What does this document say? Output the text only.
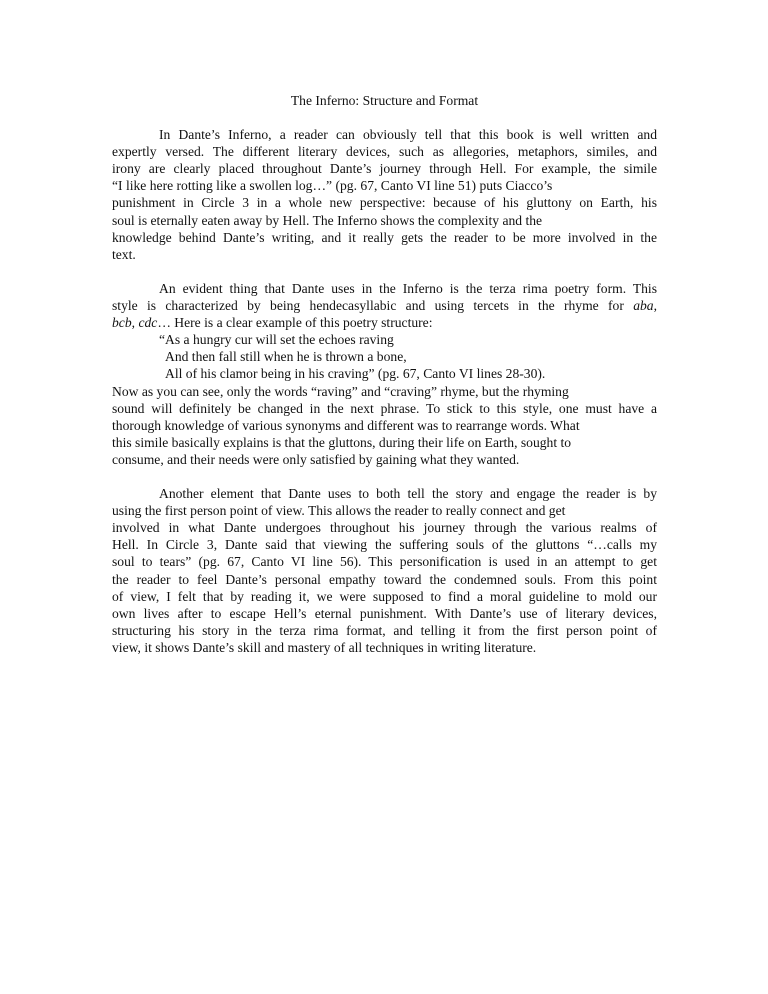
The Inferno: Structure and Format
In Dante’s Inferno, a reader can obviously tell that this book is well written and
expertly versed. The different literary devices, such as allegories, metaphors, similes, and
irony are clearly placed throughout Dante’s journey through Hell. For example, the simile
“I like here rotting like a swollen log…” (pg. 67, Canto VI line 51) puts Ciacco’s
punishment in Circle 3 in a whole new perspective: because of his gluttony on Earth, his
soul is eternally eaten away by Hell. The Inferno shows the complexity and the
knowledge behind Dante’s writing, and it really gets the reader to be more involved in the
text.
An evident thing that Dante uses in the Inferno is the terza rima poetry form. This
style is characterized by being hendecasyllabic and using tercets in the rhyme for aba,
bcb, cdc… Here is a clear example of this poetry structure:
“As a hungry cur will set the echoes raving
And then fall still when he is thrown a bone,
All of his clamor being in his craving” (pg. 67, Canto VI lines 28-30).
Now as you can see, only the words “raving” and “craving” rhyme, but the rhyming
sound will definitely be changed in the next phrase. To stick to this style, one must have a
thorough knowledge of various synonyms and different was to rearrange words. What
this simile basically explains is that the gluttons, during their life on Earth, sought to
consume, and their needs were only satisfied by gaining what they wanted.
Another element that Dante uses to both tell the story and engage the reader is by
using the first person point of view. This allows the reader to really connect and get
involved in what Dante undergoes throughout his journey through the various realms of
Hell. In Circle 3, Dante said that viewing the suffering souls of the gluttons “…calls my
soul to tears” (pg. 67, Canto VI line 56). This personification is used in an attempt to get
the reader to feel Dante’s personal empathy toward the condemned souls. From this point
of view, I felt that by reading it, we were supposed to find a moral guideline to mold our
own lives after to escape Hell’s eternal punishment. With Dante’s use of literary devices,
structuring his story in the terza rima format, and telling it from the first person point of
view, it shows Dante’s skill and mastery of all techniques in writing literature.
